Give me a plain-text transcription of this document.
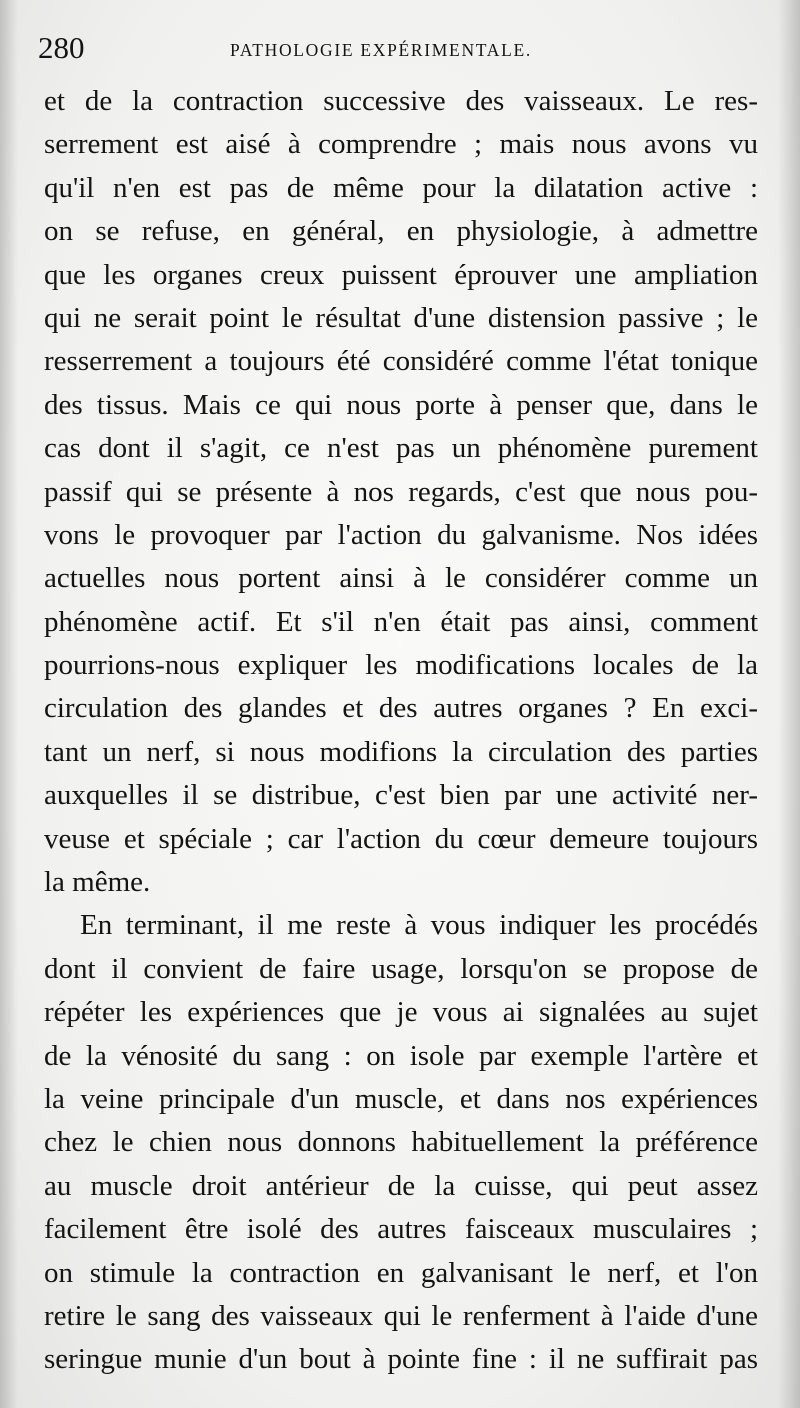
280	PATHOLOGIE EXPÉRIMENTALE.
et de la contraction successive des vaisseaux. Le res-
serrement est aisé à comprendre ; mais nous avons vu
qu'il n'en est pas de même pour la dilatation active :
on se refuse, en général, en physiologie, à admettre
que les organes creux puissent éprouver une ampliation
qui ne serait point le résultat d'une distension passive ; le
resserrement a toujours été considéré comme l'état tonique
des tissus. Mais ce qui nous porte à penser que, dans le
cas dont il s'agit, ce n'est pas un phénomène purement
passif qui se présente à nos regards, c'est que nous pou-
vons le provoquer par l'action du galvanisme. Nos idées
actuelles nous portent ainsi à le considérer comme un
phénomène actif. Et s'il n'en était pas ainsi, comment
pourrions-nous expliquer les modifications locales de la
circulation des glandes et des autres organes ? En exci-
tant un nerf, si nous modifions la circulation des parties
auxquelles il se distribue, c'est bien par une activité ner-
veuse et spéciale ; car l'action du cœur demeure toujours
la même.
En terminant, il me reste à vous indiquer les procédés
dont il convient de faire usage, lorsqu'on se propose de
répéter les expériences que je vous ai signalées au sujet
de la vénosité du sang : on isole par exemple l'artère et
la veine principale d'un muscle, et dans nos expériences
chez le chien nous donnons habituellement la préférence
au muscle droit antérieur de la cuisse, qui peut assez
facilement être isolé des autres faisceaux musculaires ;
on stimule la contraction en galvanisant le nerf, et l'on
retire le sang des vaisseaux qui le renferment à l'aide d'une
seringue munie d'un bout à pointe fine : il ne suffirait pas
